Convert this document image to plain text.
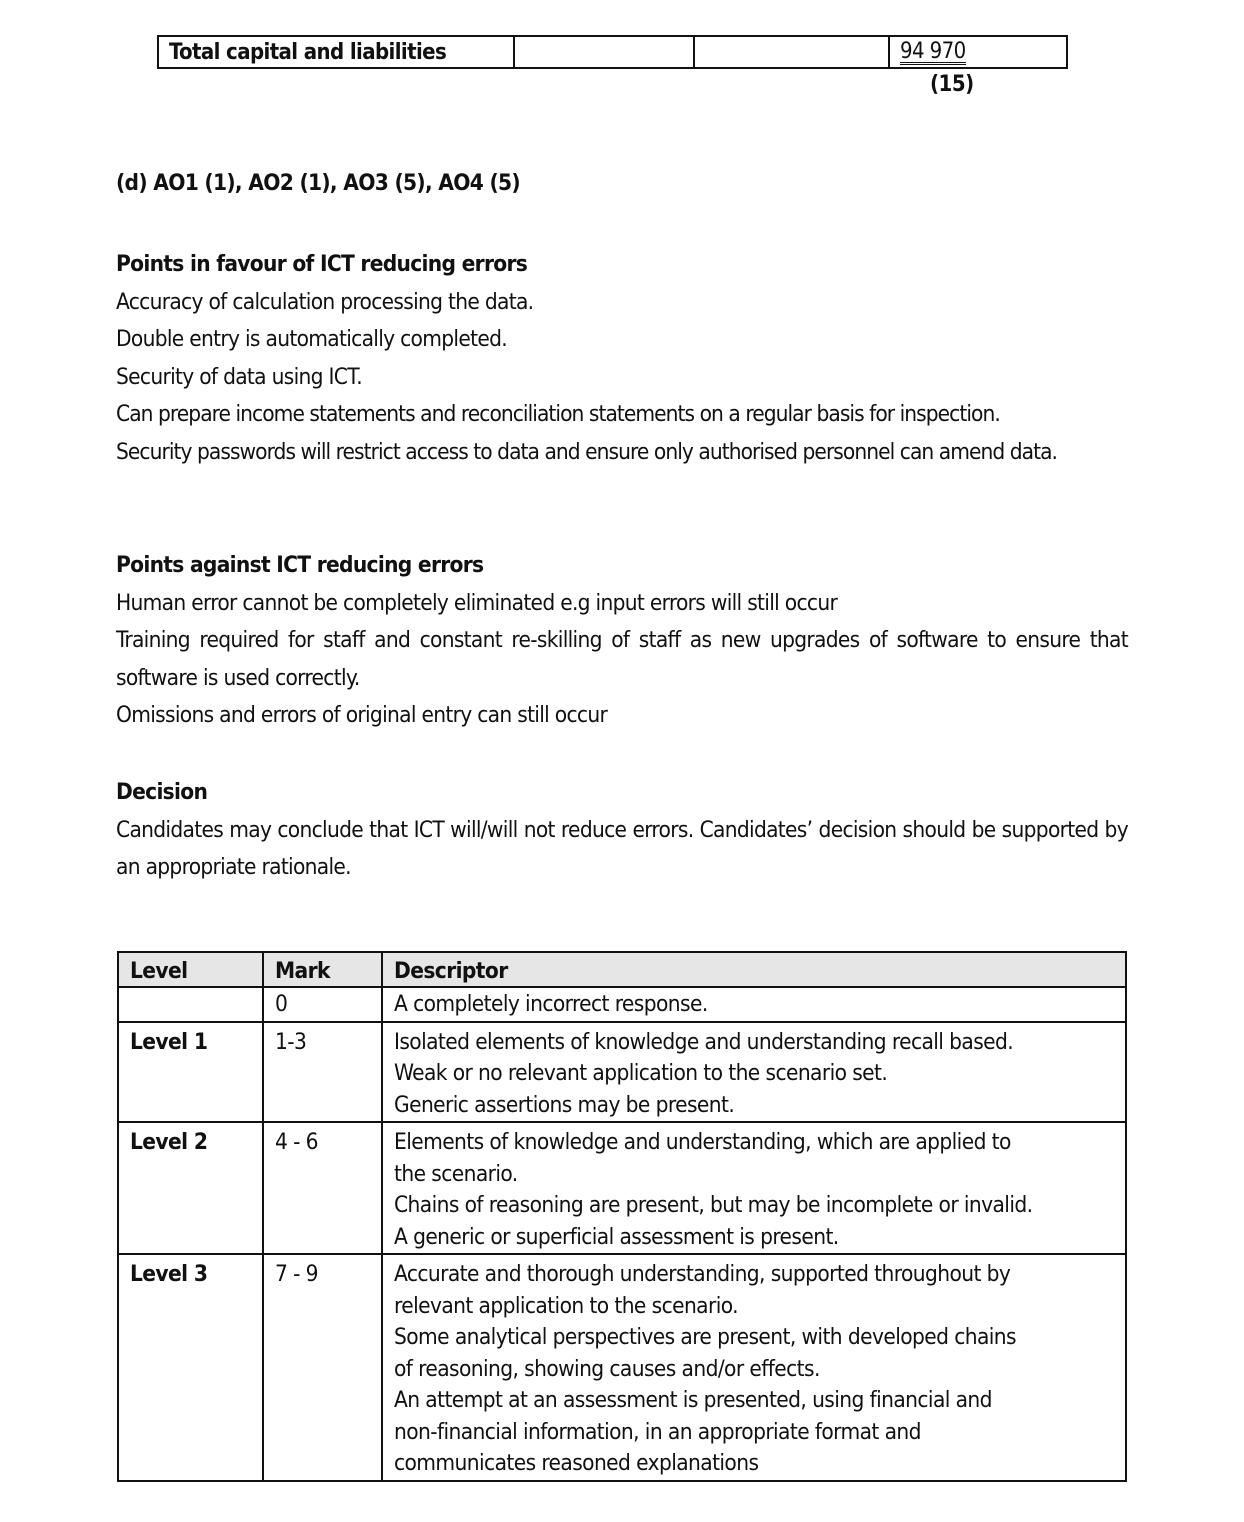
Total capital and liabilities			94 970
(15)
(d) AO1 (1), AO2 (1), AO3 (5), AO4 (5)
Points in favour of ICT reducing errors
Accuracy of calculation processing the data.
Double entry is automatically completed.
Security of data using ICT.
Can prepare income statements and reconciliation statements on a regular basis for inspection.
Security passwords will restrict access to data and ensure only authorised personnel can amend data.
Points against ICT reducing errors
Human error cannot be completely eliminated e.g input errors will still occur
Training required for staff and constant re-skilling of staff as new upgrades of software to ensure that software is used correctly.
Omissions and errors of original entry can still occur
Decision
Candidates may conclude that ICT will/will not reduce errors. Candidates’ decision should be supported by an appropriate rationale.
Level	Mark	Descriptor
	0	A completely incorrect response.

Level 1	1-3	Isolated elements of knowledge and understanding recall based.
Weak or no relevant application to the scenario set.
Generic assertions may be present.

Level 2	4 - 6	Elements of knowledge and understanding, which are applied to
the scenario.
Chains of reasoning are present, but may be incomplete or invalid.
A generic or superficial assessment is present.

Level 3	7 - 9	Accurate and thorough understanding, supported throughout by
relevant application to the scenario.
Some analytical perspectives are present, with developed chains
of reasoning, showing causes and/or effects.
An attempt at an assessment is presented, using financial and
non-financial information, in an appropriate format and
communicates reasoned explanations
